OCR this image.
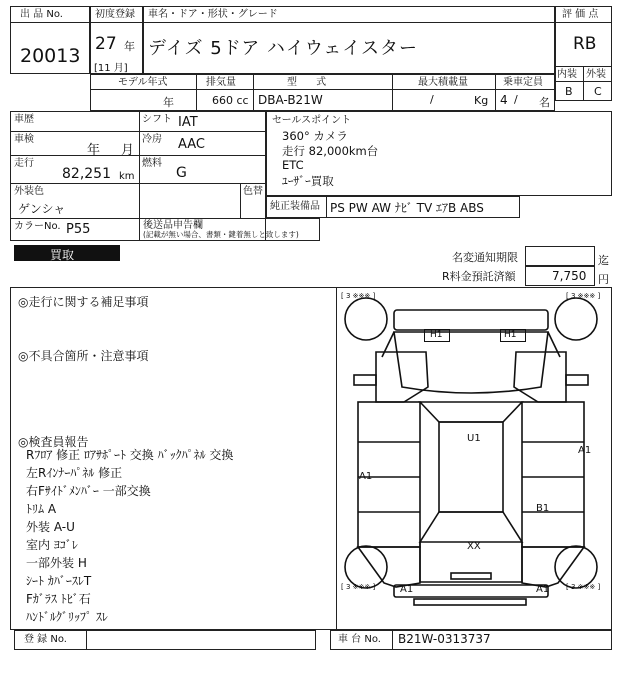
出 品 No.
20013
初度登録
27 年
[11 月]
車名・ドア・形状・グレード
デイズ 5ドア ハイウェイスター
評 価 点
RB
内装 外装
B C
モデル年式
年
排気量
660 cc
型      式
DBA-B21W
最大積載量
/	Kg
乗車定員
4 / 名
車歴	シフト IAT
車検
年 月
冷房 AAC
走行
82,251 km
燃料
G
外装色
ゲンシャ
色替
カラーNo. P55	後送品申告欄
(記載が無い場合、書類・鍵着無しと致します)
セールスポイント
360° カメラ
走行 82,000km台
ETC
ﾕｰｻﾞｰ買取
純正装備品 PS PW AW ﾅﾋﾞ TV ｴｱB ABS
買取	名変通知期限	迄
R料金預託済額	7,750 円
◎走行に関する補足事項
◎不具合箇所・注意事項
◎検査員報告
Rﾌﾛｱ 修正 ﾛｱｻﾎﾟｰﾄ 交換 ﾊﾞｯｸﾊﾟﾈﾙ 交換
左Rｲﾝﾅｰﾊﾟﾈﾙ 修正
右Fｻｲﾄﾞﾒﾝﾊﾞｰ 一部交換
ﾄﾘﾑ A
外装 A-U
室内 ﾖｺﾞﾚ
一部外装 H
ｼｰﾄ ｶﾊﾞｰｽﾚT
Fｶﾞﾗｽ ﾄﾋﾞ石
ﾊﾝﾄﾞﾙｸﾞﾘｯﾌﾟ ｽﾚ
[ 3 ※※※ ]	[ 3 ※※※ ]
[ 3 ※※※ ]	[ 3 ※※※ ]
H1	H1
U1
A1
A1
B1
XX
A1	A1
登 録 No.	車 台 No. B21W-0313737
